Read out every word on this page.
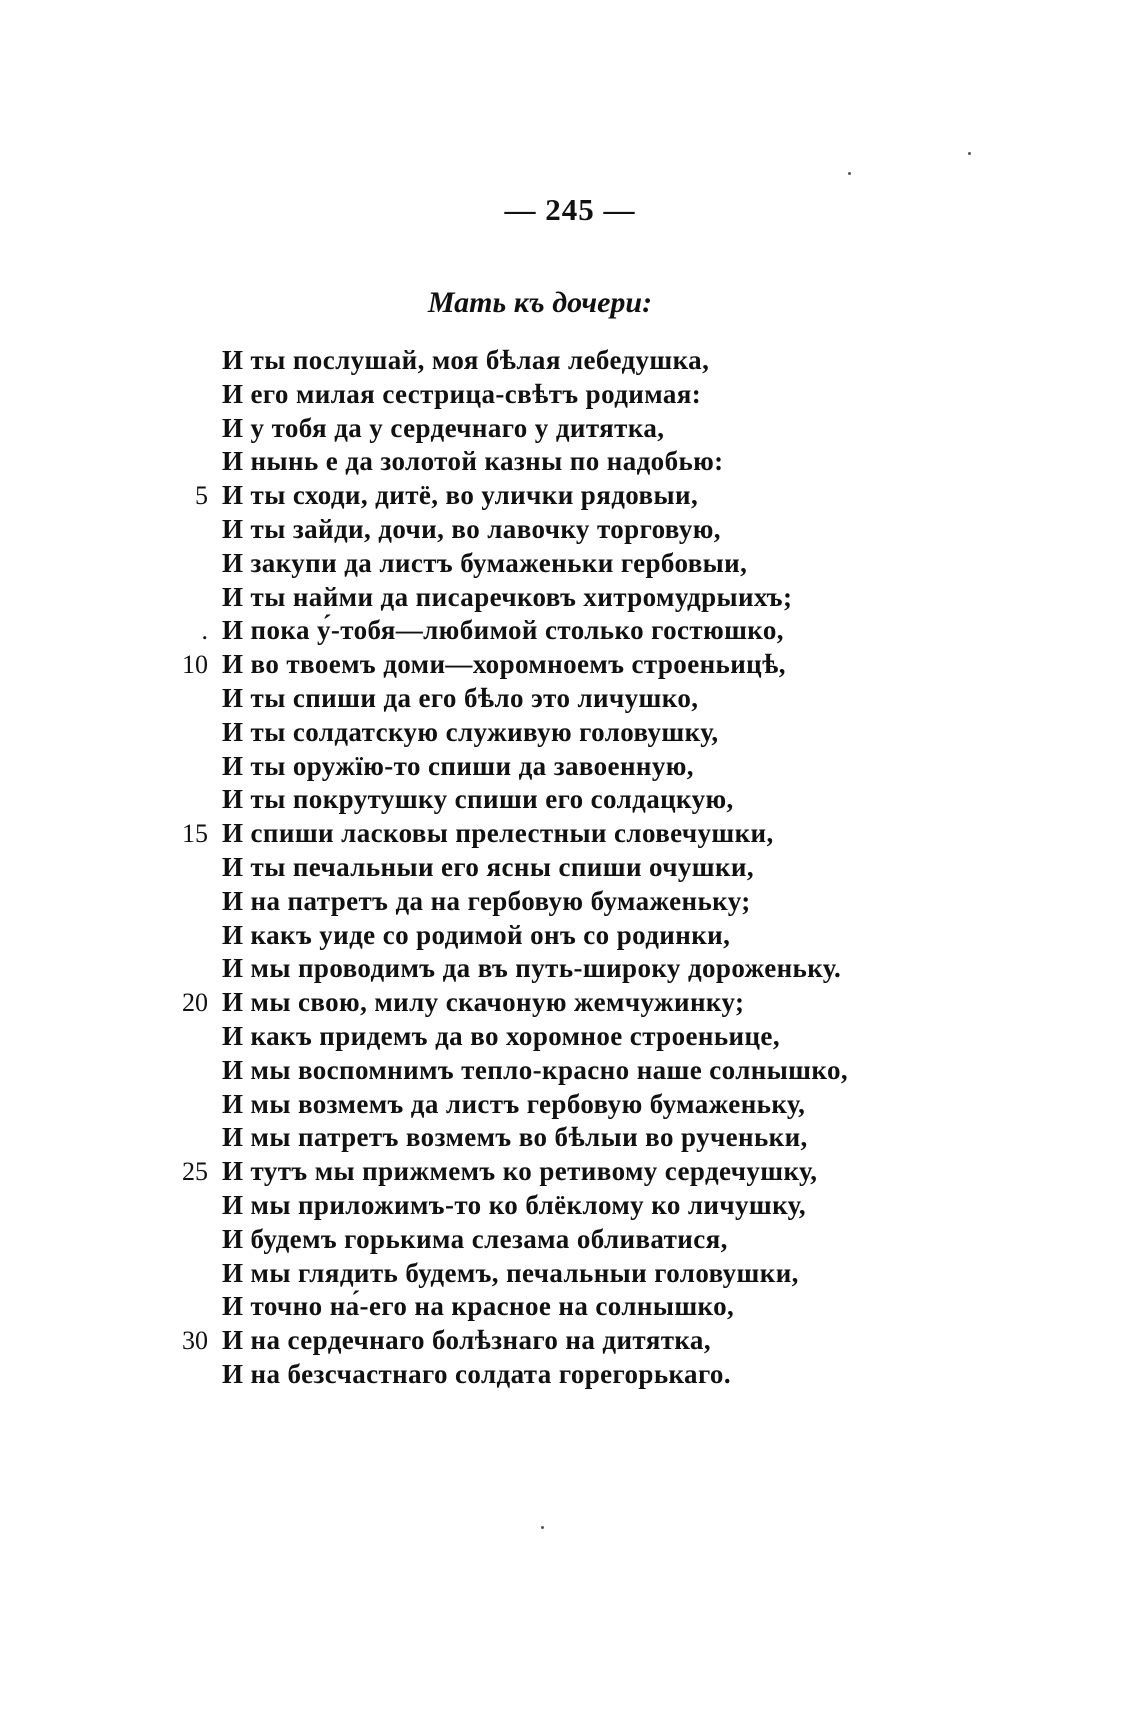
— 245 —
Мать къ дочери:
И ты послушай, моя бѣлая лебедушка,
И его милая сестрица-свѣтъ родимая:
И у тобя да у сердечнаго у дитятка,
И нынь е да золотой казны по надобью:
5 И ты сходи, дитё, во улички рядовыи,
И ты зайди, дочи, во лавочку торговую,
И закупи да листъ бумаженьки гербовыи,
И ты найми да писаречковъ хитромудрыихъ;
. И пока у́-тобя—любимой столько гостюшко,
10 И во твоемъ доми—хоромноемъ строеньицѣ,
И ты спиши да его бѣло это личушко,
И ты солдатскую служивую головушку,
И ты оружїю-то спиши да завоенную,
И ты покрутушку спиши его солдацкую,
15 И спиши ласковы прелестныи словечушки,
И ты печальныи его ясны спиши очушки,
И на патретъ да на гербовую бумаженьку;
И какъ уиде со родимой онъ со родинки,
И мы проводимъ да въ путь-широку дороженьку.
20 И мы свою, милу скачоную жемчужинку;
И какъ придемъ да во хоромное строеньице,
И мы воспомнимъ тепло-красно наше солнышко,
И мы возмемъ да листъ гербовую бумаженьку,
И мы патретъ возмемъ во бѣлыи во рученьки,
25 И тутъ мы прижмемъ ко ретивому сердечушку,
И мы приложимъ-то ко блёклому ко личушку,
И будемъ горькима слезама обливатися,
И мы глядить будемъ, печальныи головушки,
И точно на́-его на красное на солнышко,
30 И на сердечнаго болѣзнаго на дитятка,
И на безсчастнаго солдата горегорькаго.
